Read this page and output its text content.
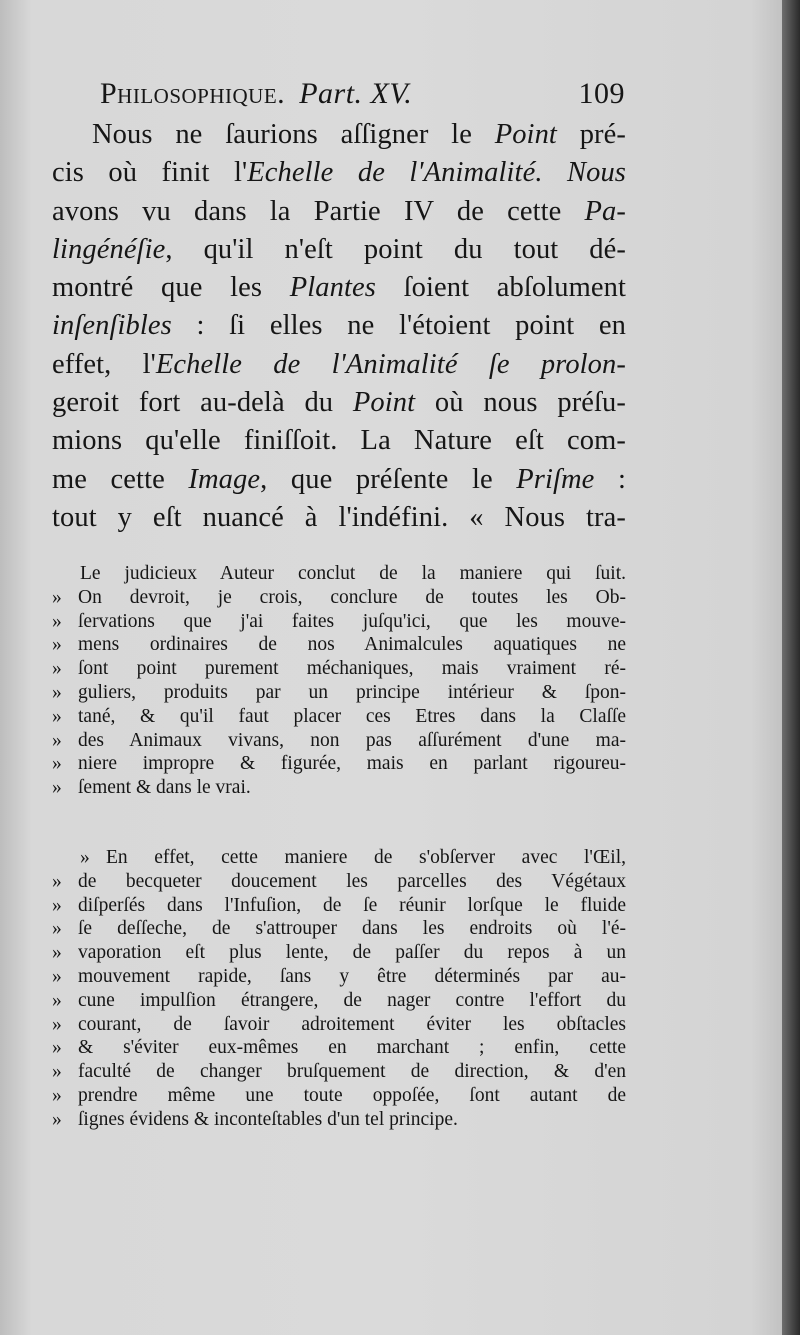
Philosophique. Part. XV.	109
Nous ne ſaurions aſſigner le Point pré-
cis où finit l'Echelle de l'Animalité. Nous
avons vu dans la Partie IV de cette Pa-
lingénéſie, qu'il n'eſt point du tout dé-
montré que les Plantes ſoient abſolument
inſenſibles : ſi elles ne l'étoient point en
effet, l'Echelle de l'Animalité ſe prolon-
geroit fort au-delà du Point où nous préſu-
mions qu'elle finiſſoit. La Nature eſt com-
me cette Image, que préſente le Priſme :
tout y eſt nuancé à l'indéfini. « Nous tra-
Le judicieux Auteur conclut de la maniere qui ſuit.
» On devroit, je crois, conclure de toutes les Ob-
» ſervations que j'ai faites juſqu'ici, que les mouve-
» mens ordinaires de nos Animalcules aquatiques ne
» ſont point purement méchaniques, mais vraiment ré-
» guliers, produits par un principe intérieur & ſpon-
» tané, & qu'il faut placer ces Etres dans la Claſſe
» des Animaux vivans, non pas aſſurément d'une ma-
» niere impropre & figurée, mais en parlant rigoureu-
» ſement & dans le vrai.
» En effet, cette maniere de s'obſerver avec l'Œil,
» de becqueter doucement les parcelles des Végétaux
» diſperſés dans l'Infuſion, de ſe réunir lorſque le fluide
» ſe deſſeche, de s'attrouper dans les endroits où l'é-
» vaporation eſt plus lente, de paſſer du repos à un
» mouvement rapide, ſans y être déterminés par au-
» cune impulſion étrangere, de nager contre l'effort du
» courant, de ſavoir adroitement éviter les obſtacles
» & s'éviter eux-mêmes en marchant ; enfin, cette
» faculté de changer bruſquement de direction, & d'en
» prendre même une toute oppoſée, ſont autant de
» ſignes évidens & inconteſtables d'un tel principe.
